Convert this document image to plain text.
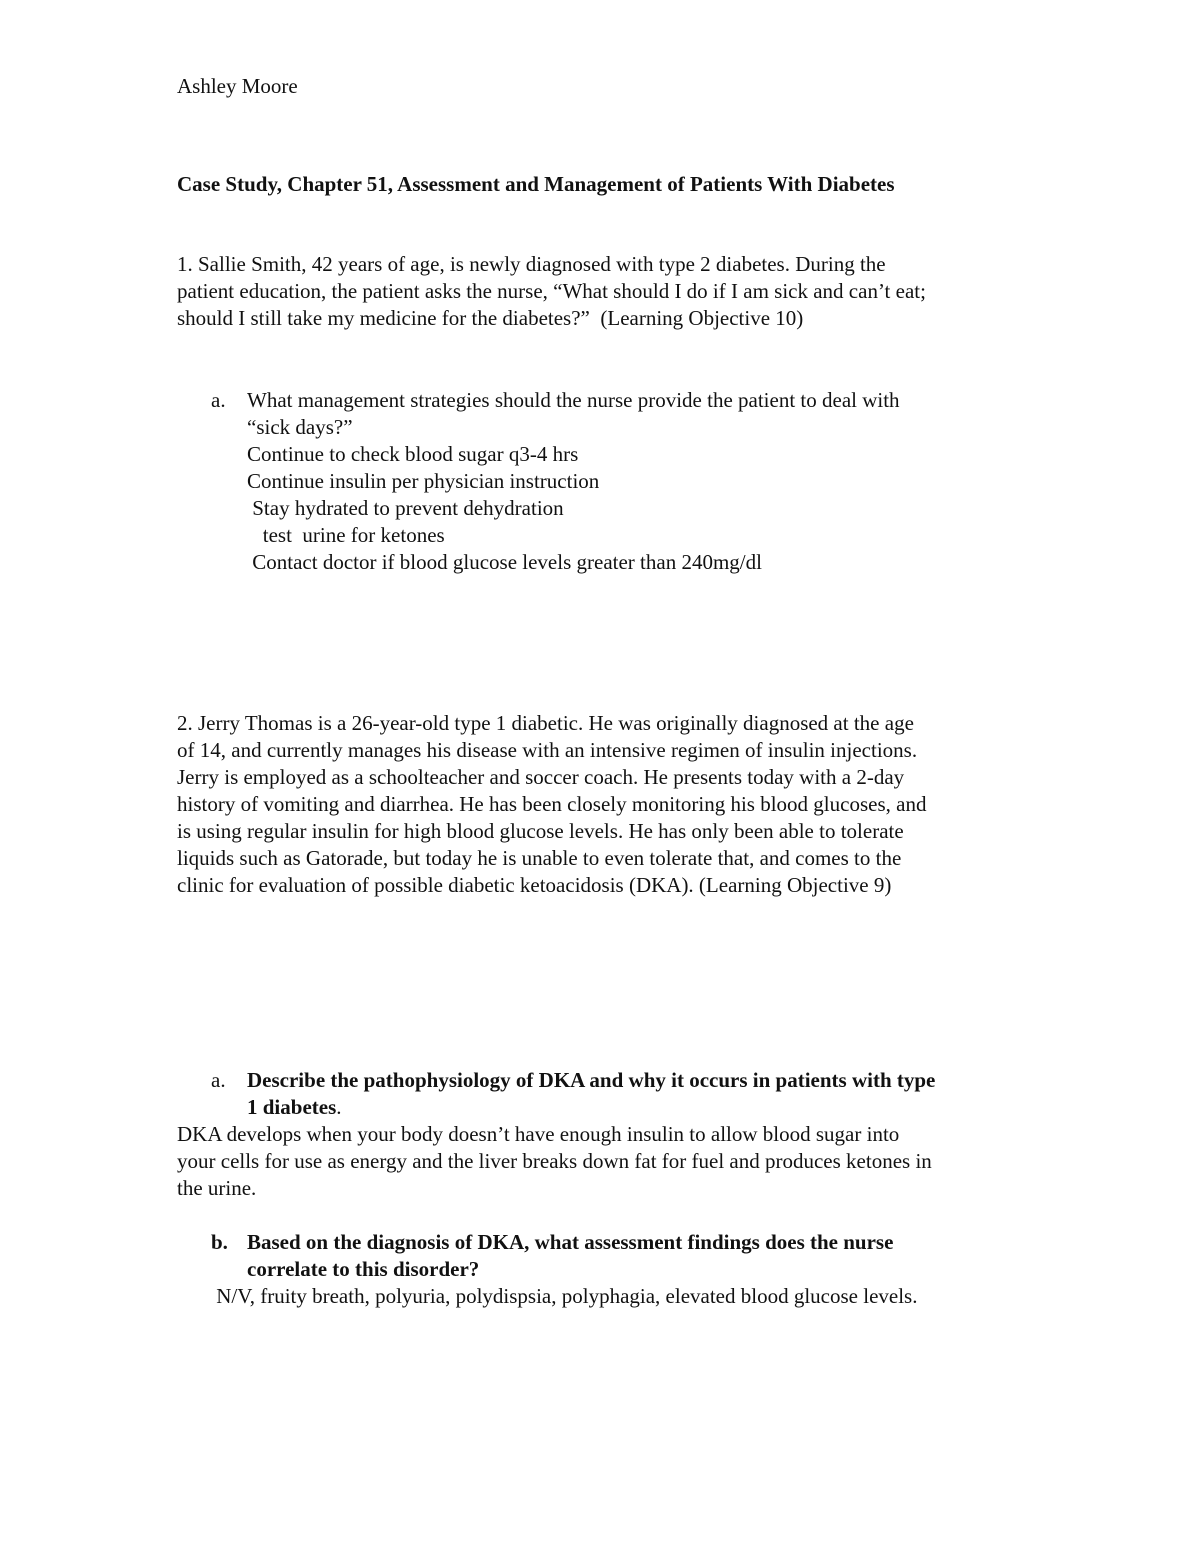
Ashley Moore

Case Study, Chapter 51, Assessment and Management of Patients With Diabetes

1. Sallie Smith, 42 years of age, is newly diagnosed with type 2 diabetes. During the

patient education, the patient asks the nurse, “What should I do if I am sick and can’t eat;

should I still take my medicine for the diabetes?”  (Learning Objective 10)

a. What management strategies should the nurse provide the patient to deal with

“sick days?”

Continue to check blood sugar q3-4 hrs

Continue insulin per physician instruction

Stay hydrated to prevent dehydration

test  urine for ketones

Contact doctor if blood glucose levels greater than 240mg/dl

2. Jerry Thomas is a 26-year-old type 1 diabetic. He was originally diagnosed at the age

of 14, and currently manages his disease with an intensive regimen of insulin injections.

Jerry is employed as a schoolteacher and soccer coach. He presents today with a 2-day

history of vomiting and diarrhea. He has been closely monitoring his blood glucoses, and

is using regular insulin for high blood glucose levels. He has only been able to tolerate

liquids such as Gatorade, but today he is unable to even tolerate that, and comes to the

clinic for evaluation of possible diabetic ketoacidosis (DKA). (Learning Objective 9)

a. Describe the pathophysiology of DKA and why it occurs in patients with type

1 diabetes.

DKA develops when your body doesn’t have enough insulin to allow blood sugar into

your cells for use as energy and the liver breaks down fat for fuel and produces ketones in

the urine.

b. Based on the diagnosis of DKA, what assessment findings does the nurse

correlate to this disorder?

N/V, fruity breath, polyuria, polydispsia, polyphagia, elevated blood glucose levels.
